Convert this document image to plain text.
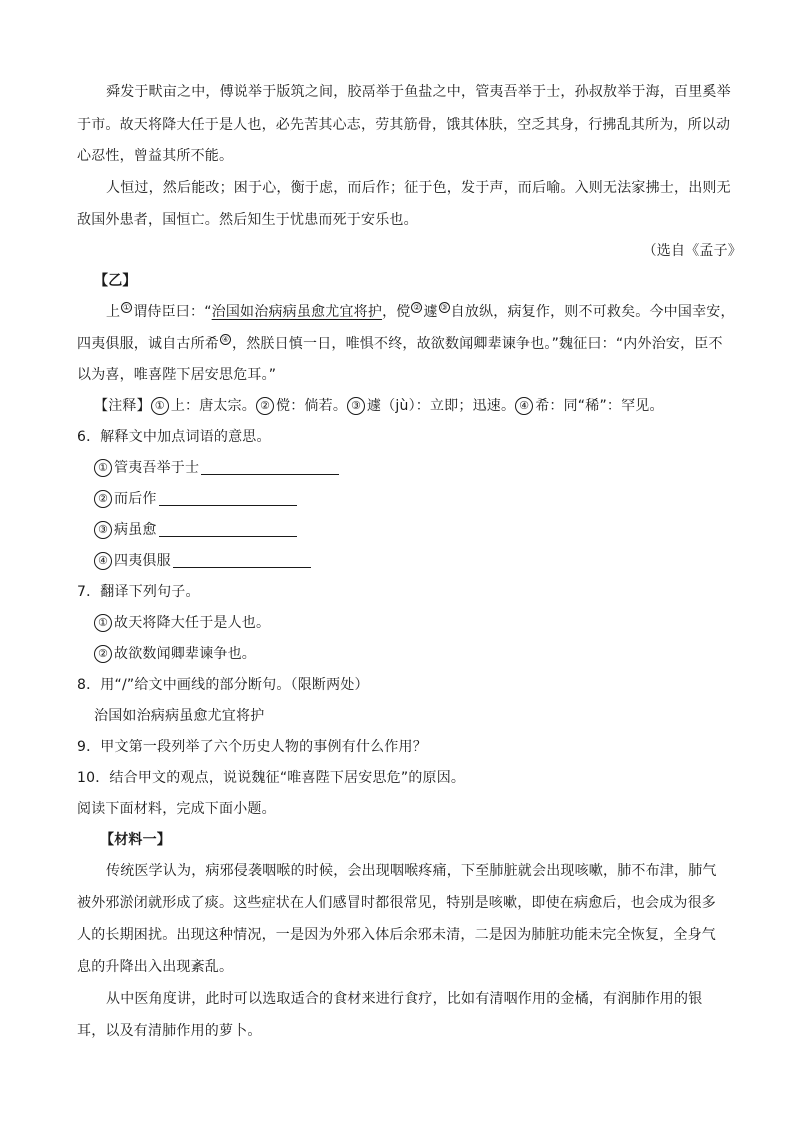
舜发于畎亩之中，傅说举于版筑之间，胶鬲举于鱼盐之中，管夷吾举于士，孙叔敖举于海，百里奚举
于市。故天将降大任于是人也，必先苦其心志，劳其筋骨，饿其体肤，空乏其身，行拂乱其所为，所以动
心忍性，曾益其所不能。
人恒过，然后能改；困于心，衡于虑，而后作；征于色，发于声，而后喻。入则无法家拂士，出则无
敌国外患者，国恒亡。然后知生于忧患而死于安乐也。
（选自《孟子》
【乙】
上 ① 谓侍臣曰：“治国如治病病虽愈尤宜将护，傥 ② 遽 ③ 自放纵，病复作，则不可救矣。今中国幸安，
四夷俱服，诚自古所希 ④ ，然朕日慎一日，唯惧不终，故欲数闻卿辈谏争也。”魏征曰：“内外治安，臣不
以为喜，唯喜陛下居安思危耳。”
【注释】 ① 上：唐太宗。 ② 傥：倘若。 ③ 遽（jù）：立即；迅速。 ④ 希：同“稀”：罕见。
6．解释文中加点词语的意思。
① 管夷吾举于士
② 而后作
③ 病虽愈
④ 四夷俱服
7．翻译下列句子。
① 故天将降大任于是人也。
② 故欲数闻卿辈谏争也。
8．用“/”给文中画线的部分断句。（限断两处）
治国如治病病虽愈尤宜将护
9．甲文第一段列举了六个历史人物的事例有什么作用？
10．结合甲文的观点，说说魏征“唯喜陛下居安思危”的原因。
阅读下面材料，完成下面小题。
【材料一】
传统医学认为，病邪侵袭咽喉的时候，会出现咽喉疼痛，下至肺脏就会出现咳嗽，肺不布津，肺气
被外邪淤闭就形成了痰。这些症状在人们感冒时都很常见，特别是咳嗽，即使在病愈后，也会成为很多
人的长期困扰。出现这种情况，一是因为外邪入体后余邪未清，二是因为肺脏功能未完全恢复，全身气
息的升降出入出现紊乱。
从中医角度讲，此时可以选取适合的食材来进行食疗，比如有清咽作用的金橘，有润肺作用的银
耳，以及有清肺作用的萝卜。
